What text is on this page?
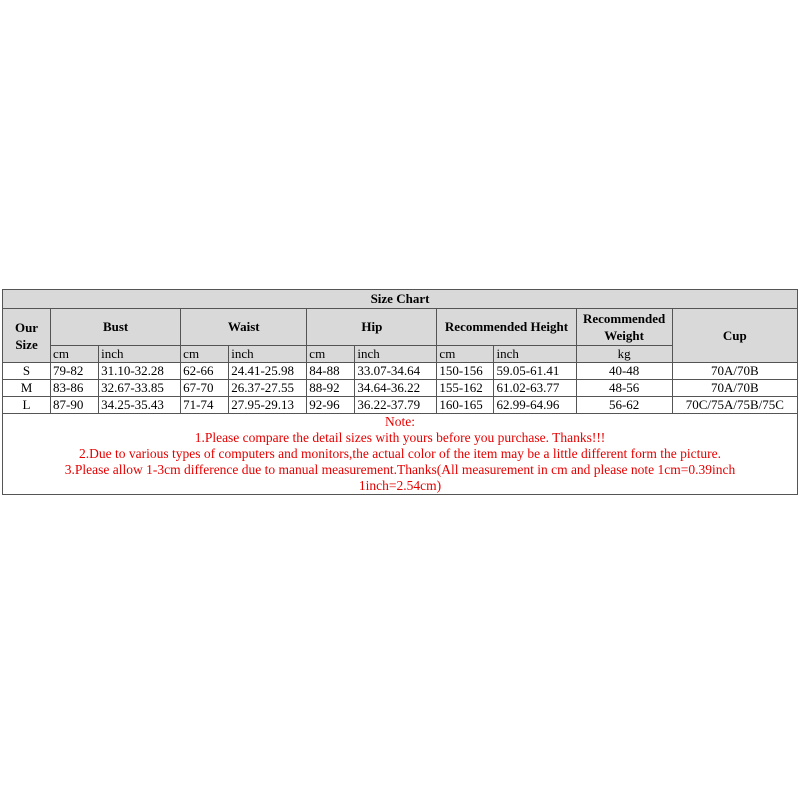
Size Chart										
Our Size	Bust		Waist		Hip		Recommended Height		Recommended Weight	Cup
	cm	inch	cm	inch	cm	inch	cm	inch	kg	
S	79-82	31.10-32.28	62-66	24.41-25.98	84-88	33.07-34.64	150-156	59.05-61.41	40-48	70A/70B
M	83-86	32.67-33.85	67-70	26.37-27.55	88-92	34.64-36.22	155-162	61.02-63.77	48-56	70A/70B
L	87-90	34.25-35.43	71-74	27.95-29.13	92-96	36.22-37.79	160-165	62.99-64.96	56-62	70C/75A/75B/75C

Note:
1.Please compare the detail sizes with yours before you purchase. Thanks!!!
2.Due to various types of computers and monitors,the actual color of the item may be a little different form the picture.
3.Please allow 1-3cm difference due to manual measurement.Thanks(All measurement in cm and please note 1cm=0.39inch
1inch=2.54cm)										
